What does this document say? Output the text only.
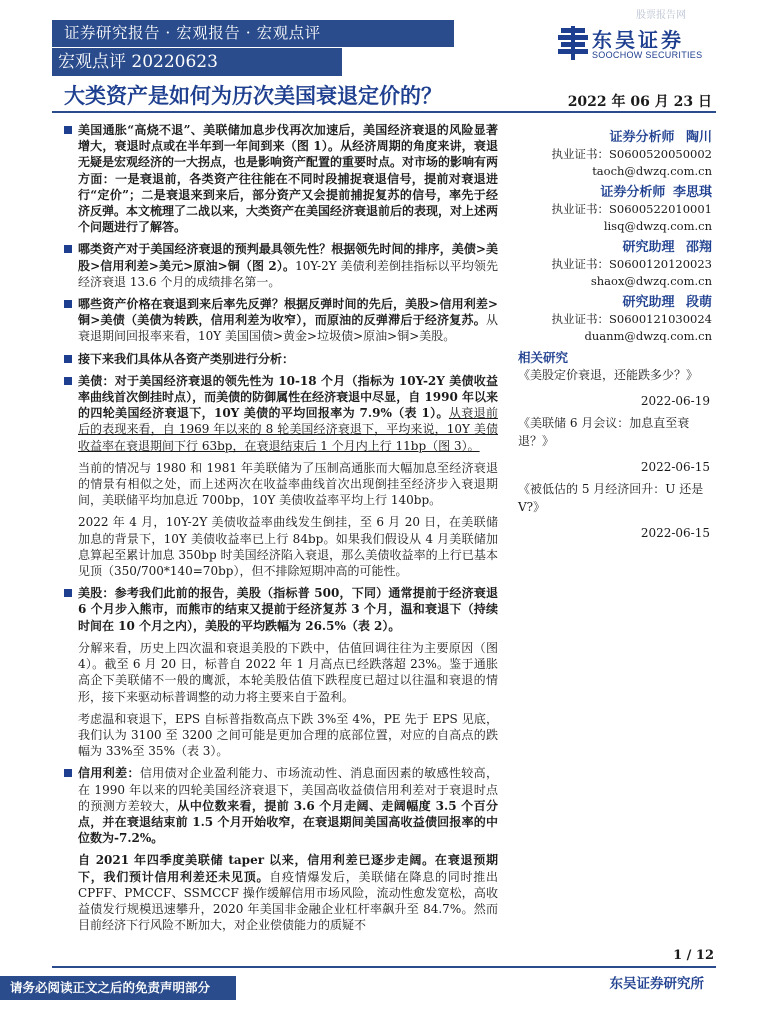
股票报告网
证券研究报告 · 宏观报告 · 宏观点评
宏观点评 20220623
东吴证券
SOOCHOW SECURITIES
大类资产是如何为历次美国衰退定价的？

美国通胀“高烧不退”、美联储加息步伐再次加速后，美国经济衰退的风险显著增大，衰退时点或在半年到一年间到来（图 1）。从经济周期的角度来讲，衰退无疑是宏观经济的一大拐点，也是影响资产配置的重要时点。对市场的影响有两方面：一是衰退前，各类资产往往能在不同时段捕捉衰退信号，提前对衰退进行“定价”；二是衰退来到来后，部分资产又会提前捕捉复苏的信号，率先于经济反弹。本文梳理了二战以来，大类资产在美国经济衰退前后的表现，对上述两个问题进行了解答。

哪类资产对于美国经济衰退的预判最具领先性？根据领先时间的排序，美债>美股>信用利差>美元>原油>铜（图 2）。10Y-2Y 美债利差倒挂指标以平均领先经济衰退 13.6 个月的成绩排名第一。

哪些资产价格在衰退到来后率先反弹？根据反弹时间的先后，美股>信用利差>铜>美债（美债为转跌，信用利差为收窄），而原油的反弹滞后于经济复苏。从衰退期间回报率来看，10Y 美国国债>黄金>垃圾债>原油>铜>美股。

接下来我们具体从各资产类别进行分析：

美债：对于美国经济衰退的领先性为 10-18 个月（指标为 10Y-2Y 美债收益率曲线首次倒挂时点），而美债的防御属性在经济衰退中尽显，自 1990 年以来的四轮美国经济衰退下，10Y 美债的平均回报率为 7.9%（表 1）。从衰退前后的表现来看，自 1969 年以来的 8 轮美国经济衰退下，平均来说，10Y 美债收益率在衰退期间下行 63bp，在衰退结束后 1 个月内上行 11bp（图 3）。

当前的情况与 1980 和 1981 年美联储为了压制高通胀而大幅加息至经济衰退的情景有相似之处，而上述两次在收益率曲线首次出现倒挂至经济步入衰退期间，美联储平均加息近 700bp，10Y 美债收益率平均上行 140bp。

2022 年 4 月，10Y-2Y 美债收益率曲线发生倒挂，至 6 月 20 日，在美联储加息的背景下，10Y 美债收益率已上行 84bp。如果我们假设从 4 月美联储加息算起至累计加息 350bp 时美国经济陷入衰退，那么美债收益率的上行已基本见顶（350/700*140=70bp），但不排除短期冲高的可能性。

美股：参考我们此前的报告，美股（指标普 500，下同）通常提前于经济衰退 6 个月步入熊市，而熊市的结束又提前于经济复苏 3 个月，温和衰退下（持续时间在 10 个月之内），美股的平均跌幅为 26.5%（表 2）。

分解来看，历史上四次温和衰退美股的下跌中，估值回调往往为主要原因（图 4）。截至 6 月 20 日，标普自 2022 年 1 月高点已经跌落超 23%。鉴于通胀高企下美联储不一般的鹰派，本轮美股估值下跌程度已超过以往温和衰退的情形，接下来驱动标普调整的动力将主要来自于盈利。

考虑温和衰退下，EPS 自标普指数高点下跌 3%至 4%，PE 先于 EPS 见底，我们认为 3100 至 3200 之间可能是更加合理的底部位置，对应的自高点的跌幅为 33%至 35%（表 3）。

信用利差：信用债对企业盈利能力、市场流动性、消息面因素的敏感性较高，在 1990 年以来的四轮美国经济衰退下，美国高收益债信用利差对于衰退时点的预测方差较大，从中位数来看，提前 3.6 个月走阔、走阔幅度 3.5 个百分点，并在衰退结束前 1.5 个月开始收窄，在衰退期间美国高收益债回报率的中位数为-7.2%。

自 2021 年四季度美联储 taper 以来，信用利差已逐步走阔。在衰退预期下，我们预计信用利差还未见顶。自疫情爆发后，美联储在降息的同时推出 CPFF、PMCCF、SSMCCF 操作缓解信用市场风险，流动性愈发宽松，高收益债发行规模迅速攀升，2020 年美国非金融企业杠杆率飙升至 84.7%。然而目前经济下行风险不断加大，对企业偿债能力的质疑不

2022 年 06 月 23 日
证券分析师 陶川
执业证书：S0600520050002
taoch@dwzq.com.cn
证券分析师 李思琪
执业证书：S0600522010001
lisq@dwzq.com.cn
研究助理 邵翔
执业证书：S0600120120023
shaox@dwzq.com.cn
研究助理 段萌
执业证书：S0600121030024
duanm@dwzq.com.cn
相关研究
《美股定价衰退，还能跌多少？》
2022-06-19
《美联储 6 月会议：加息直至衰退？》
2022-06-15
《被低估的 5 月经济回升：U 还是 V?》
2022-06-15
1 / 12
请务必阅读正文之后的免责声明部分	东吴证券研究所
